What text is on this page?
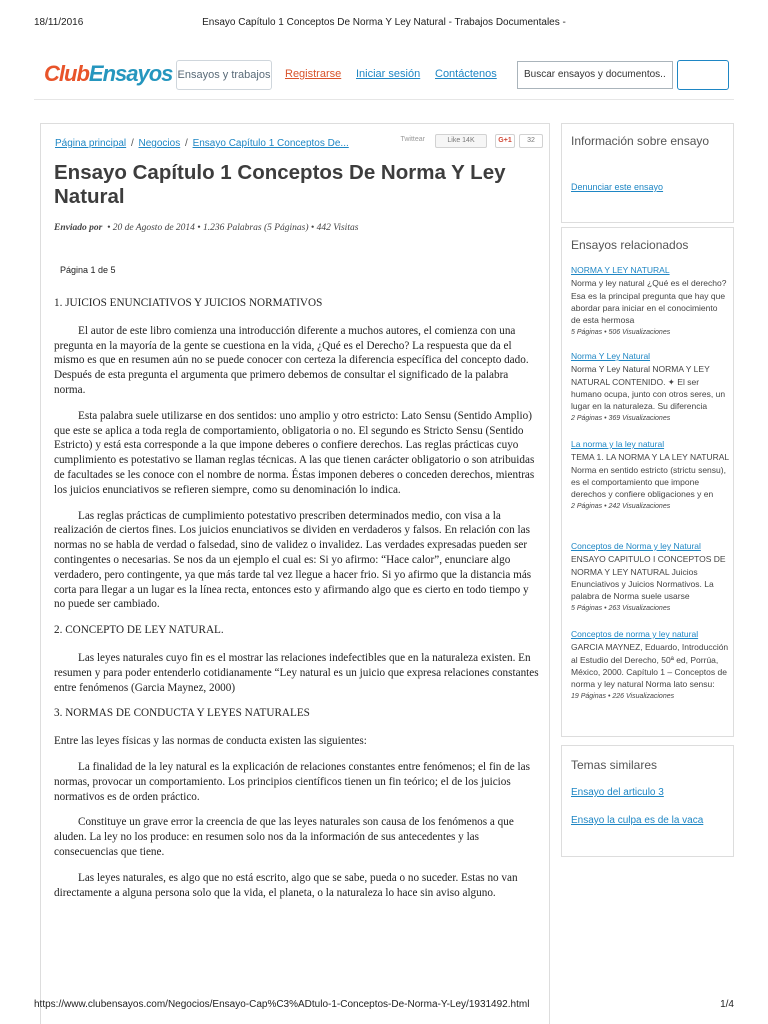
18/11/2016	Ensayo Capítulo 1 Conceptos De Norma Y Ley Natural - Trabajos Documentales -
ClubEnsayos Ensayos y trabajos Registrarse Iniciar sesión Contáctenos	Buscar ensayos y documentos..
Página principal / Negocios / Ensayo Capítulo 1 Conceptos De...	Twittear	Like 14K	G+1	32
Ensayo Capítulo 1 Conceptos De Norma Y Ley Natural
Enviado por • 20 de Agosto de 2014 • 1.236 Palabras (5 Páginas) • 442 Visitas
Página 1 de 5

1. JUICIOS ENUNCIATIVOS Y JUICIOS NORMATIVOS

El autor de este libro comienza una introducción diferente a muchos autores, el comienza con una pregunta en la mayoría de la gente se cuestiona en la vida, ¿Qué es el Derecho? La respuesta que da el mismo es que en resumen aún no se puede conocer con certeza la diferencia específica del concepto dado. Después de esta pregunta el argumenta que primero debemos de consultar el significado de la palabra norma.

Esta palabra suele utilizarse en dos sentidos: uno amplio y otro estricto: Lato Sensu (Sentido Amplio) que este se aplica a toda regla de comportamiento, obligatoria o no. El segundo es Stricto Sensu (Sentido Estricto) y está esta corresponde a la que impone deberes o confiere derechos. Las reglas prácticas cuyo cumplimiento es potestativo se llaman reglas técnicas. A las que tienen carácter obligatorio o son atribuidas de facultades se les conoce con el nombre de norma. Éstas imponen deberes o conceden derechos, mientras los juicios enunciativos se refieren siempre, como su denominación lo indica.

Las reglas prácticas de cumplimiento potestativo prescriben determinados medio, con visa a la realización de ciertos fines. Los juicios enunciativos se dividen en verdaderos y falsos. En relación con las normas no se habla de verdad o falsedad, sino de validez o invalidez. Las verdades expresadas pueden ser contingentes o necesarias. Se nos da un ejemplo el cual es: Si yo afirmo: “Hace calor”, enunciare algo verdadero, pero contingente, ya que más tarde tal vez llegue a hacer frio. Si yo afirmo que la distancia más corta para llegar a un lugar es la línea recta, entonces esto y afirmando algo que es cierto en todo tiempo y no puede ser cambiado.

2. CONCEPTO DE LEY NATURAL.

Las leyes naturales cuyo fin es el mostrar las relaciones indefectibles que en la naturaleza existen. En resumen y para poder entenderlo cotidianamente “Ley natural es un juicio que expresa relaciones constantes entre fenómenos (Garcia Maynez, 2000)

3. NORMAS DE CONDUCTA Y LEYES NATURALES

Entre las leyes físicas y las normas de conducta existen las siguientes:

La finalidad de la ley natural es la explicación de relaciones constantes entre fenómenos; el fin de las normas, provocar un comportamiento. Los principios científicos tienen un fin teórico; el de los juicios normativos es de orden práctico.

Constituye un grave error la creencia de que las leyes naturales son causa de los fenómenos a que aluden. La ley no los produce: en resumen solo nos da la información de sus antecedentes y las consecuencias que tiene.

Las leyes naturales, es algo que no está escrito, algo que se sabe, pueda o no suceder. Estas no van directamente a alguna persona solo que la vida, el planeta, o la naturaleza lo hace sin aviso alguno.

Información sobre ensayo
Denunciar este ensayo
Ensayos relacionados
NORMA Y LEY NATURAL
Norma y ley natural ¿Qué es el derecho? Esa es la principal pregunta que hay que abordar para iniciar en el conocimiento de esta hermosa
5 Páginas • 506 Visualizaciones
Norma Y Ley Natural
Norma Y Ley Natural NORMA Y LEY NATURAL CONTENIDO. ✦ El ser humano ocupa, junto con otros seres, un lugar en la naturaleza. Su diferencia
2 Páginas • 369 Visualizaciones
La norma y la ley natural
TEMA 1. LA NORMA Y LA LEY NATURAL Norma en sentido estricto (strictu sensu), es el comportamiento que impone derechos y confiere obligaciones y en
2 Páginas • 242 Visualizaciones
Conceptos de Norma y ley Natural
ENSAYO CAPITULO I CONCEPTOS DE NORMA Y LEY NATURAL Juicios Enunciativos y Juicios Normativos. La palabra de Norma suele usarse
5 Páginas • 263 Visualizaciones
Conceptos de norma y ley natural
GARCIA MAYNEZ, Eduardo, Introducción al Estudio del Derecho, 50ª ed, Porrúa, México, 2000. Capítulo 1 – Conceptos de norma y ley natural Norma lato sensu:
19 Páginas • 226 Visualizaciones
Temas similares
Ensayo del articulo 3
Ensayo la culpa es de la vaca
https://www.clubensayos.com/Negocios/Ensayo-Cap%C3%ADtulo-1-Conceptos-De-Norma-Y-Ley/1931492.html	1/4
